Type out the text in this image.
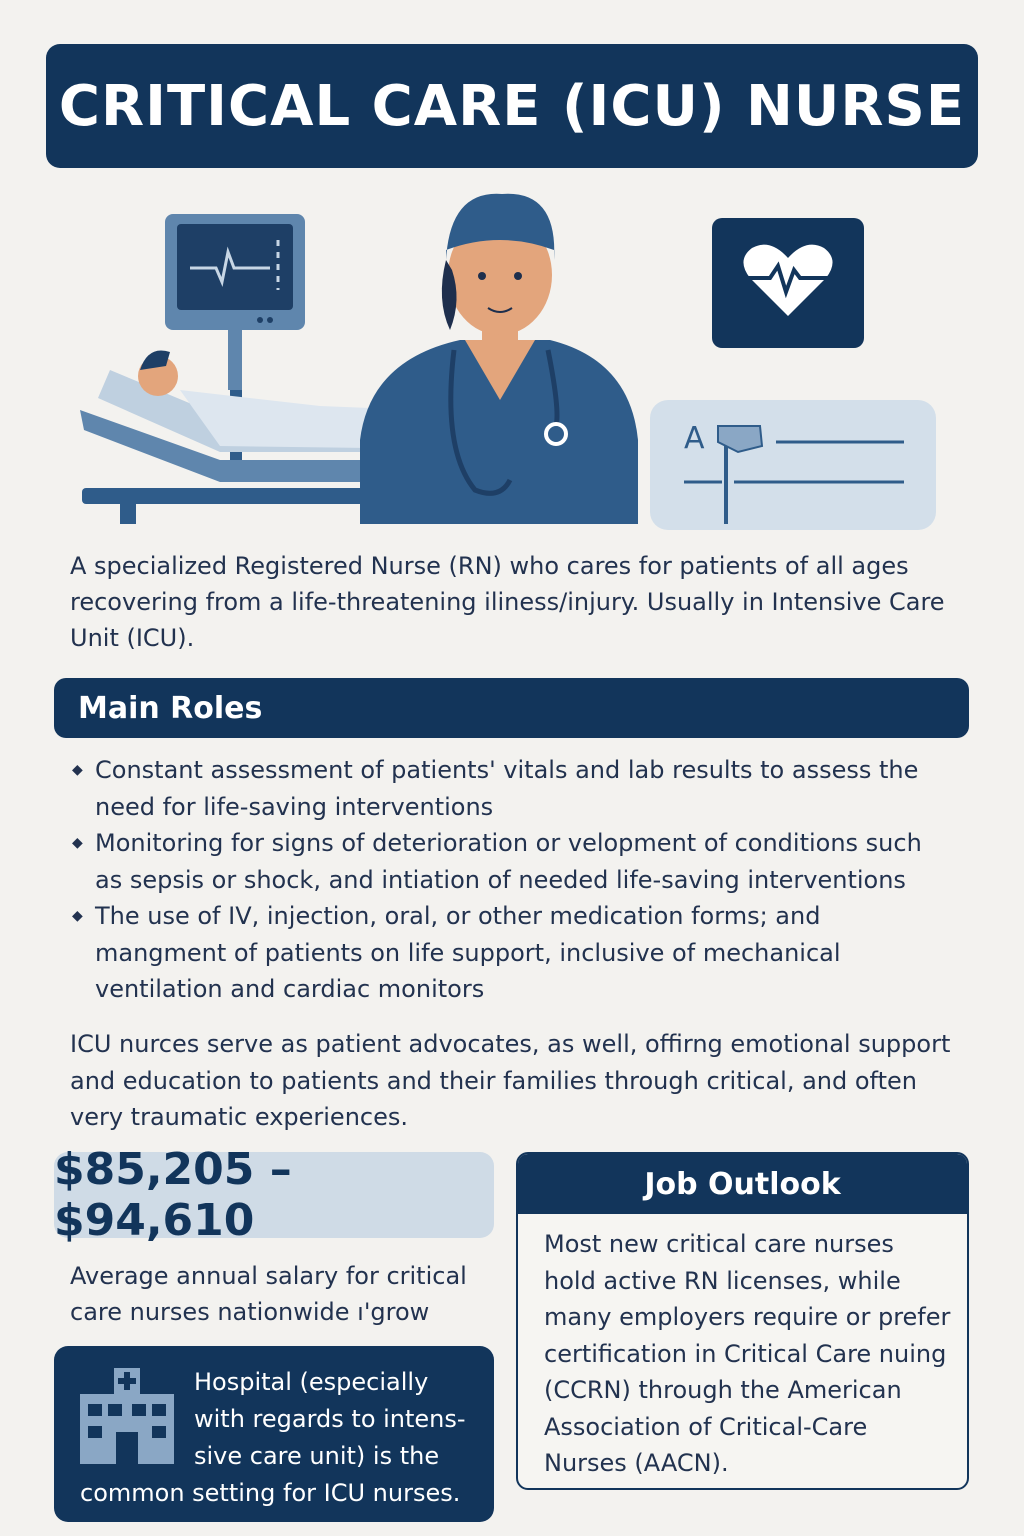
CRITICAL CARE (ICU) NURSE
A

A specialized Registered Nurse (RN) who cares for patients of all ages recovering from a life-threatening iliness/injury. Usually in Intensive Care Unit (ICU).

Main Roles
◆ Constant assessment of patients' vitals and lab results to assess the need for life-saving interventions
◆ Monitoring for signs of deterioration or velopment of conditions such as sepsis or shock, and intiation of needed life-saving interventions
◆ The use of IV, injection, oral, or other medication forms; and mangment of patients on life support, inclusive of mechanical ventilation and cardiac monitors

ICU nurces serve as patient advocates, as well, offirng emotional support and education to patients and their families through critical, and often very traumatic experiences.

$85,205 – $94,610

Average annual salary for critical care nurses nationwide ı'grow

Hospital (especially with regards to intens-sive care unit) is the common setting for ICU nurses.

Job Outlook

Most new critical care nurses hold active RN licenses, while many employers require or prefer certification in Critical Care nuing (CCRN) through the American Association of Critical-Care Nurses (AACN).
